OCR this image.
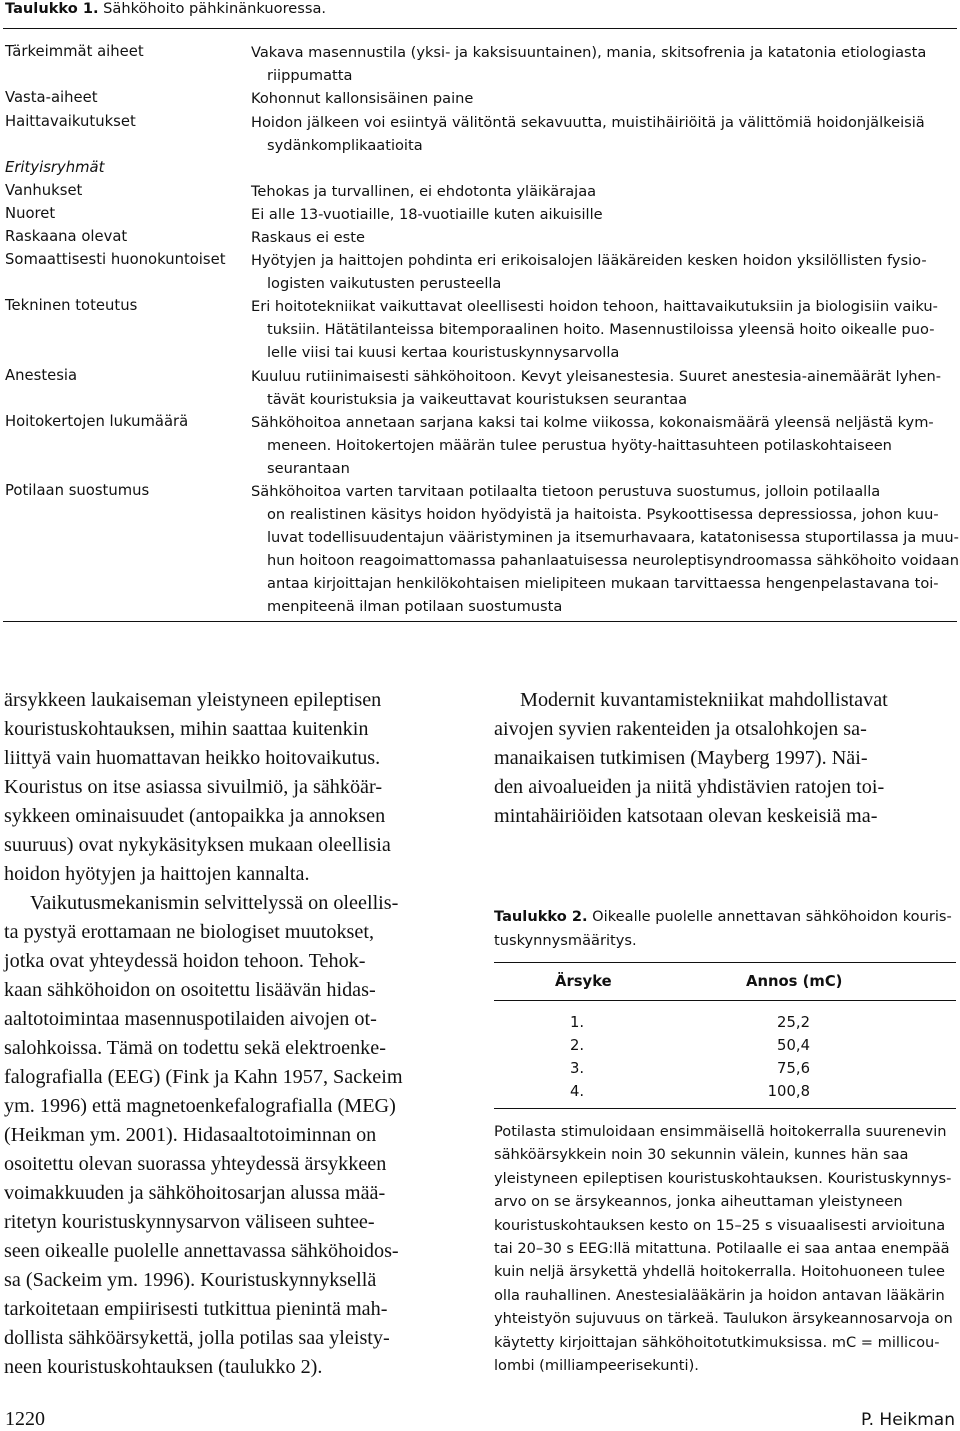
Taulukko 1. Sähköhoito pähkinänkuoressa.
Tärkeimmät aiheet	Vakava masennustila (yksi- ja kaksisuuntainen), mania, skitsofrenia ja katatonia etiologiasta
riippumatta
Vasta-aiheet	Kohonnut kallonsisäinen paine
Haittavaikutukset	Hoidon jälkeen voi esiintyä välitöntä sekavuutta, muistihäiriöitä ja välittömiä hoidonjälkeisiä
sydänkomplikaatioita
Erityisryhmät
Vanhukset	Tehokas ja turvallinen, ei ehdotonta yläikärajaa
Nuoret	Ei alle 13-vuotiaille, 18-vuotiaille kuten aikuisille
Raskaana olevat	Raskaus ei este
Somaattisesti huonokuntoiset Hyötyjen ja haittojen pohdinta eri erikoisalojen lääkäreiden kesken hoidon yksilöllisten fysio-
logisten vaikutusten perusteella
Tekninen toteutus	Eri hoitotekniikat vaikuttavat oleellisesti hoidon tehoon, haittavaikutuksiin ja biologisiin vaiku-
tuksiin. Hätätilanteissa bitemporaalinen hoito. Masennustiloissa yleensä hoito oikealle puo-
lelle viisi tai kuusi kertaa kouristuskynnysarvolla
Anestesia	Kuuluu rutiinimaisesti sähköhoitoon. Kevyt yleisanestesia. Suuret anestesia-ainemäärät lyhen-
tävät kouristuksia ja vaikeuttavat kouristuksen seurantaa
Hoitokertojen lukumäärä	Sähköhoitoa annetaan sarjana kaksi tai kolme viikossa, kokonaismäärä yleensä neljästä kym-
meneen. Hoitokertojen määrän tulee perustua hyöty-haittasuhteen potilaskohtaiseen
seurantaan
Potilaan suostumus	Sähköhoitoa varten tarvitaan potilaalta tietoon perustuva suostumus, jolloin potilaalla
on realistinen käsitys hoidon hyödyistä ja haitoista. Psykoottisessa depressiossa, johon kuu-
luvat todellisuudentajun vääristyminen ja itsemurhavaara, katatonisessa stuportilassa ja muu-
hun hoitoon reagoimattomassa pahanlaatuisessa neuroleptisyndroomassa sähköhoito voidaan
antaa kirjoittajan henkilökohtaisen mielipiteen mukaan tarvittaessa hengenpelastavana toi-
menpiteenä ilman potilaan suostumusta
ärsykkeen laukaiseman yleistyneen epileptisen
kouristuskohtauksen, mihin saattaa kuitenkin
liittyä vain huomattavan heikko hoitovaikutus.
Kouristus on itse asiassa sivuilmiö, ja sähköär-
sykkeen ominaisuudet (antopaikka ja annoksen
suuruus) ovat nykykäsityksen mukaan oleellisia
hoidon hyötyjen ja haittojen kannalta.
Vaikutusmekanismin selvittelyssä on oleellis-
ta pystyä erottamaan ne biologiset muutokset,
jotka ovat yhteydessä hoidon tehoon. Tehok-
kaan sähköhoidon on osoitettu lisäävän hidas-
aaltotoimintaa masennuspotilaiden aivojen ot-
salohkoissa. Tämä on todettu sekä elektroenke-
falografialla (EEG) (Fink ja Kahn 1957, Sackeim
ym. 1996) että magnetoenkefalografialla (MEG)
(Heikman ym. 2001). Hidasaaltotoiminnan on
osoitettu olevan suorassa yhteydessä ärsykkeen
voimakkuuden ja sähköhoitosarjan alussa mää-
ritetyn kouristuskynnysarvon väliseen suhtee-
seen oikealle puolelle annettavassa sähköhoidos-
sa (Sackeim ym. 1996). Kouristuskynnyksellä
tarkoitetaan empiirisesti tutkittua pienintä mah-
dollista sähköärsykettä, jolla potilas saa yleisty-
neen kouristuskohtauksen (taulukko 2).
Modernit kuvantamistekniikat mahdollistavat
aivojen syvien rakenteiden ja otsalohkojen sa-
manaikaisen tutkimisen (Mayberg 1997). Näi-
den aivoalueiden ja niitä yhdistävien ratojen toi-
mintahäiriöiden katsotaan olevan keskeisiä ma-
Taulukko 2. Oikealle puolelle annettavan sähköhoidon kouris-
tuskynnysmääritys.
Ärsyke	Annos (mC)
1.	25,2
2.	50,4
3.	75,6
4.	100,8
Potilasta stimuloidaan ensimmäisellä hoitokerralla suurenevin
sähköärsykkein noin 30 sekunnin välein, kunnes hän saa
yleistyneen epileptisen kouristuskohtauksen. Kouristuskynnys-
arvo on se ärsykeannos, jonka aiheuttaman yleistyneen
kouristuskohtauksen kesto on 15–25 s visuaalisesti arvioituna
tai 20–30 s EEG:llä mitattuna. Potilaalle ei saa antaa enempää
kuin neljä ärsykettä yhdellä hoitokerralla. Hoitohuoneen tulee
olla rauhallinen. Anestesialääkärin ja hoidon antavan lääkärin
yhteistyön sujuvuus on tärkeä. Taulukon ärsykeannosarvoja on
käytetty kirjoittajan sähköhoitotutkimuksissa. mC = millicou-
lombi (milliampeerisekunti).
1220	P. Heikman
